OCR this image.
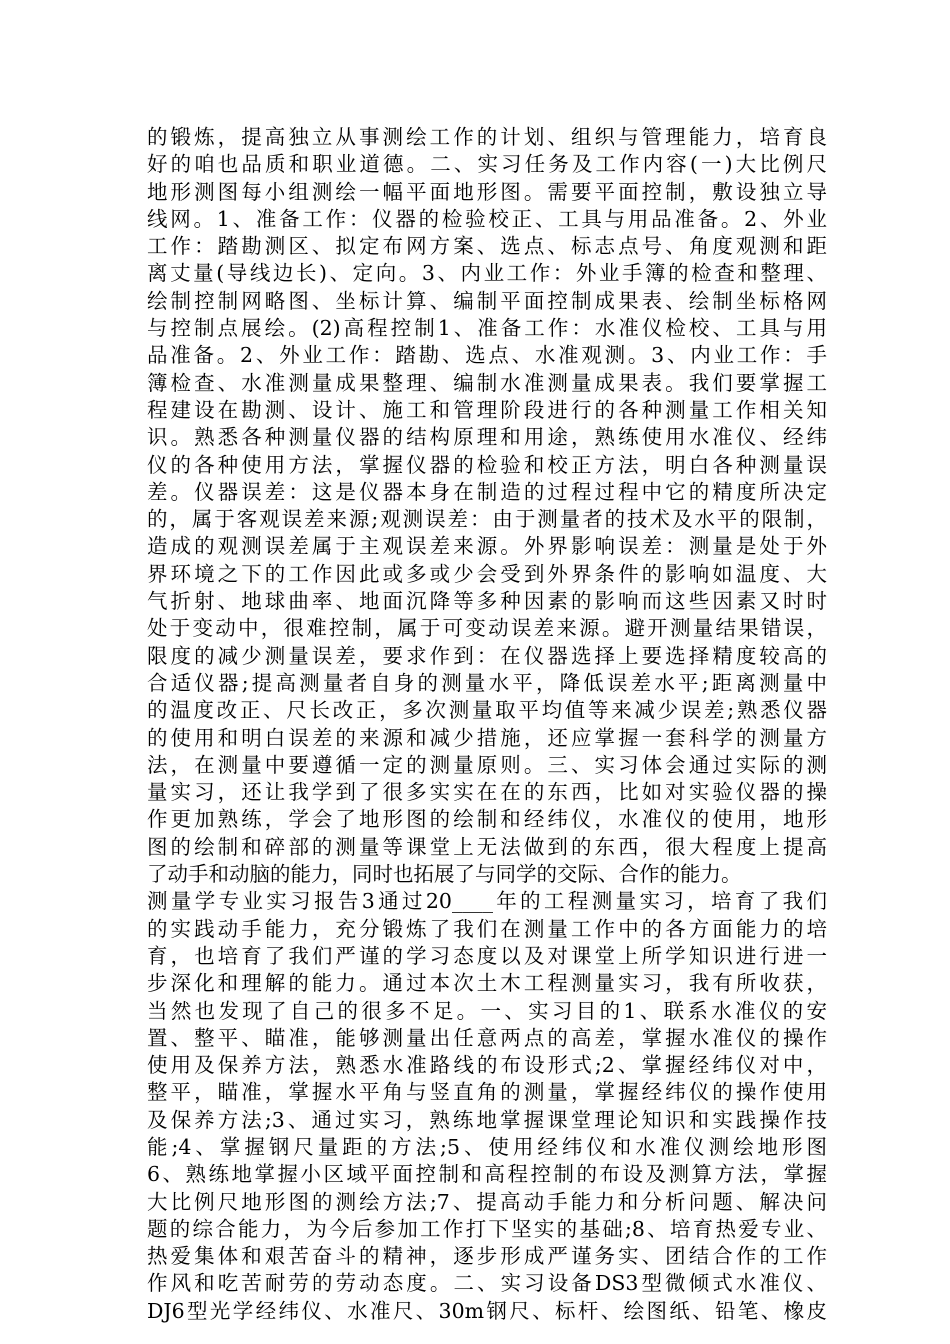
的锻炼，提高独立从事测绘工作的计划、组织与管理能力，培育良
好的咱也品质和职业道德。二、实习任务及工作内容(一)大比例尺
地形测图每小组测绘一幅平面地形图。需要平面控制，敷设独立导
线网。1、准备工作：仪器的检验校正、工具与用品准备。2、外业
工作：踏勘测区、拟定布网方案、选点、标志点号、角度观测和距
离丈量(导线边长)、定向。3、内业工作：外业手簿的检查和整理、
绘制控制网略图、坐标计算、编制平面控制成果表、绘制坐标格网
与控制点展绘。(2)高程控制1、准备工作：水准仪检校、工具与用
品准备。2、外业工作：踏勘、选点、水准观测。3、内业工作：手
簿检查、水准测量成果整理、编制水准测量成果表。我们要掌握工
程建设在勘测、设计、施工和管理阶段进行的各种测量工作相关知
识。熟悉各种测量仪器的结构原理和用途，熟练使用水准仪、经纬
仪的各种使用方法，掌握仪器的检验和校正方法，明白各种测量误
差。仪器误差：这是仪器本身在制造的过程过程中它的精度所决定
的，属于客观误差来源;观测误差：由于测量者的技术及水平的限制，
造成的观测误差属于主观误差来源。外界影响误差：测量是处于外
界环境之下的工作因此或多或少会受到外界条件的影响如温度、大
气折射、地球曲率、地面沉降等多种因素的影响而这些因素又时时
处于变动中，很难控制，属于可变动误差来源。避开测量结果错误，
限度的减少测量误差，要求作到：在仪器选择上要选择精度较高的
合适仪器;提高测量者自身的测量水平，降低误差水平;距离测量中
的温度改正、尺长改正，多次测量取平均值等来减少误差;熟悉仪器
的使用和明白误差的来源和减少措施，还应掌握一套科学的测量方
法，在测量中要遵循一定的测量原则。三、实习体会通过实际的测
量实习，还让我学到了很多实实在在的东西，比如对实验仪器的操
作更加熟练，学会了地形图的绘制和经纬仪，水准仪的使用，地形
图的绘制和碎部的测量等课堂上无法做到的东西，很大程度上提高
了动手和动脑的能力，同时也拓展了与同学的交际、合作的能力。
测量学专业实习报告3通过20____年的工程测量实习，培育了我们
的实践动手能力，充分锻炼了我们在测量工作中的各方面能力的培
育，也培育了我们严谨的学习态度以及对课堂上所学知识进行进一
步深化和理解的能力。通过本次土木工程测量实习，我有所收获，
当然也发现了自己的很多不足。一、实习目的1、联系水准仪的安
置、整平、瞄准，能够测量出任意两点的高差，掌握水准仪的操作
使用及保养方法，熟悉水准路线的布设形式;2、掌握经纬仪对中，
整平，瞄准，掌握水平角与竖直角的测量，掌握经纬仪的操作使用
及保养方法;3、通过实习，熟练地掌握课堂理论知识和实践操作技
能;4、掌握钢尺量距的方法;5、使用经纬仪和水准仪测绘地形图
6、熟练地掌握小区域平面控制和高程控制的布设及测算方法，掌握
大比例尺地形图的测绘方法;7、提高动手能力和分析问题、解决问
题的综合能力，为今后参加工作打下坚实的基础;8、培育热爱专业、
热爱集体和艰苦奋斗的精神，逐步形成严谨务实、团结合作的工作
作风和吃苦耐劳的劳动态度。二、实习设备DS3型微倾式水准仪、
DJ6型光学经纬仪、水准尺、30m钢尺、标杆、绘图纸、铅笔、橡皮
